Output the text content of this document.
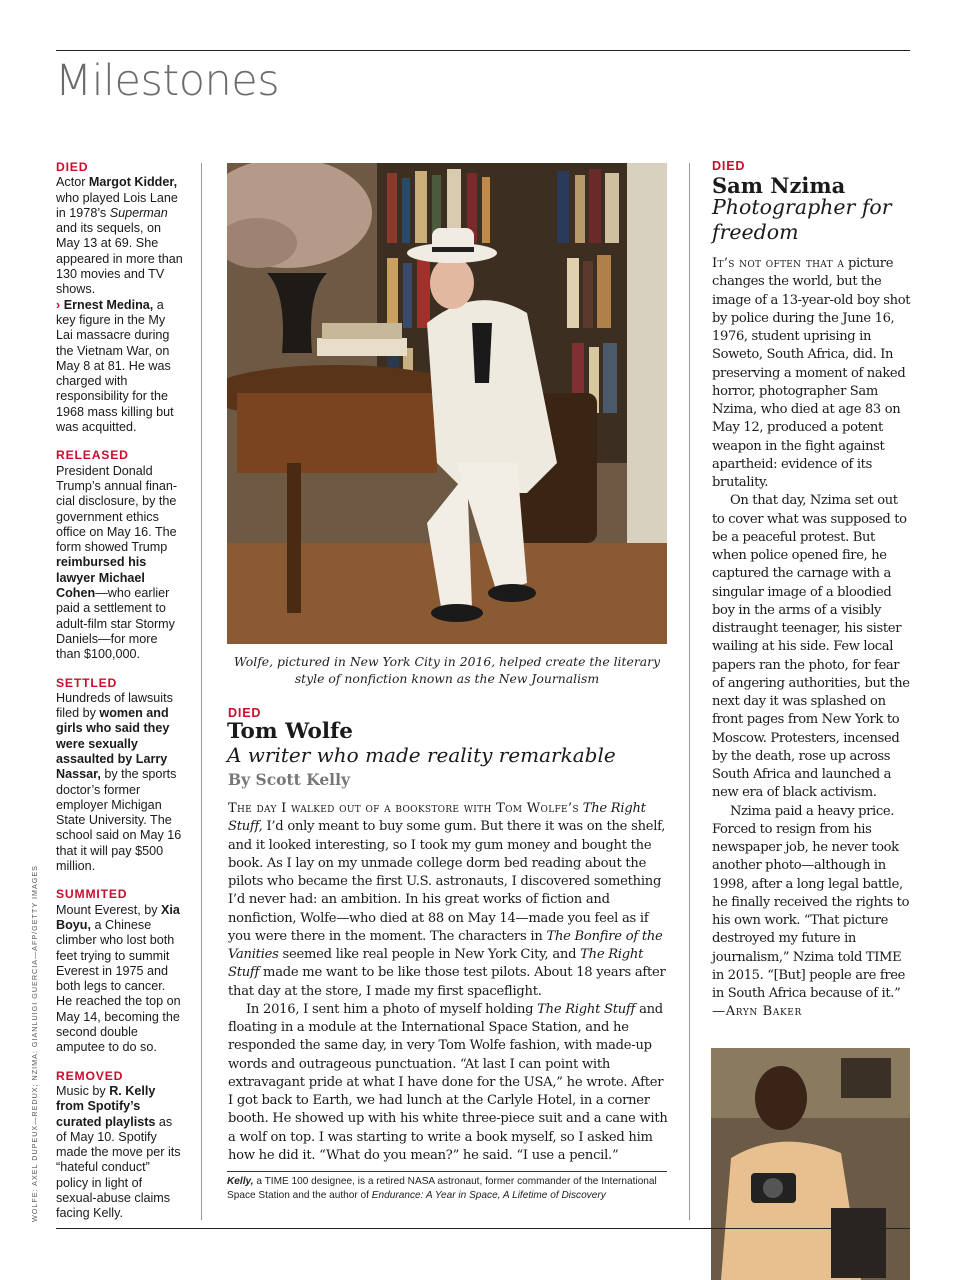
Milestones
WOLFE: AXEL DUPEUX—REDUX; NZIMA: GIANLUIGI GUERCIA—AFP/GETTY IMAGES
DIED
Actor Margot Kidder, who played Lois Lane in 1978’s Superman and its sequels, on May 13 at 69. She appeared in more than 130 movies and TV shows.
› Ernest Medina, a key figure in the My Lai massacre during the Vietnam War, on May 8 at 81. He was charged with responsibility for the 1968 mass killing but was acquitted.
RELEASED
President Donald Trump’s annual finan-cial disclosure, by the government ethics office on May 16. The form showed Trump reimbursed his lawyer Michael Cohen—who earlier paid a settlement to adult-film star Stormy Daniels—for more than $100,000.
SETTLED
Hundreds of lawsuits filed by women and girls who said they were sexually assaulted by Larry Nassar, by the sports doctor’s former employer Michigan State University. The school said on May 16 that it will pay $500 million.
SUMMITED
Mount Everest, by Xia Boyu, a Chinese climber who lost both feet trying to summit Everest in 1975 and both legs to cancer. He reached the top on May 14, becoming the second double amputee to do so.
REMOVED
Music by R. Kelly from Spotify’s curated playlists as of May 10. Spotify made the move per its “hateful conduct” policy in light of sexual-abuse claims facing Kelly.
Wolfe, pictured in New York City in 2016, helped create the literary style of nonfiction known as the New Journalism
DIED
Tom Wolfe
A writer who made reality remarkable
By Scott Kelly

The day I walked out of a bookstore with Tom Wolfe’s The Right Stuff, I’d only meant to buy some gum. But there it was on the shelf, and it looked interesting, so I took my gum money and bought the book. As I lay on my unmade college dorm bed reading about the pilots who became the first U.S. astronauts, I discovered something I’d never had: an ambition. In his great works of fiction and nonfiction, Wolfe—who died at 88 on May 14—made you feel as if you were there in the moment. The characters in The Bonfire of the Vanities seemed like real people in New York City, and The Right Stuff made me want to be like those test pilots. About 18 years after that day at the store, I made my first spaceflight.

In 2016, I sent him a photo of myself holding The Right Stuff and floating in a module at the International Space Station, and he responded the same day, in very Tom Wolfe fashion, with made-up words and outrageous punctuation. “At last I can point with extravagant pride at what I have done for the USA,” he wrote. After I got back to Earth, we had lunch at the Carlyle Hotel, in a corner booth. He showed up with his white three-piece suit and a cane with a wolf on top. I was starting to write a book myself, so I asked him how he did it. “What do you mean?” he said. “I use a pencil.”

Kelly, a TIME 100 designee, is a retired NASA astronaut, former commander of the International Space Station and the author of Endurance: A Year in Space, A Lifetime of Discovery
DIED
Sam Nzima
Photographer for freedom

It’s not often that a picture changes the world, but the image of a 13-year-old boy shot by police during the June 16, 1976, student uprising in Soweto, South Africa, did. In preserving a moment of naked horror, photographer Sam Nzima, who died at age 83 on May 12, produced a potent weapon in the fight against apartheid: evidence of its brutality.

On that day, Nzima set out to cover what was supposed to be a peaceful protest. But when police opened fire, he captured the carnage with a singular image of a bloodied boy in the arms of a visibly distraught teenager, his sister wailing at his side. Few local papers ran the photo, for fear of angering authorities, but the next day it was splashed on front pages from New York to Moscow. Protesters, incensed by the death, rose up across South Africa and launched a new era of black activism.

Nzima paid a heavy price. Forced to resign from his newspaper job, he never took another photo—although in 1998, after a long legal battle, he finally received the rights to his own work. “That picture destroyed my future in journalism,” Nzima told TIME in 2015. “[But] people are free in South Africa because of it.” —Aryn Baker
